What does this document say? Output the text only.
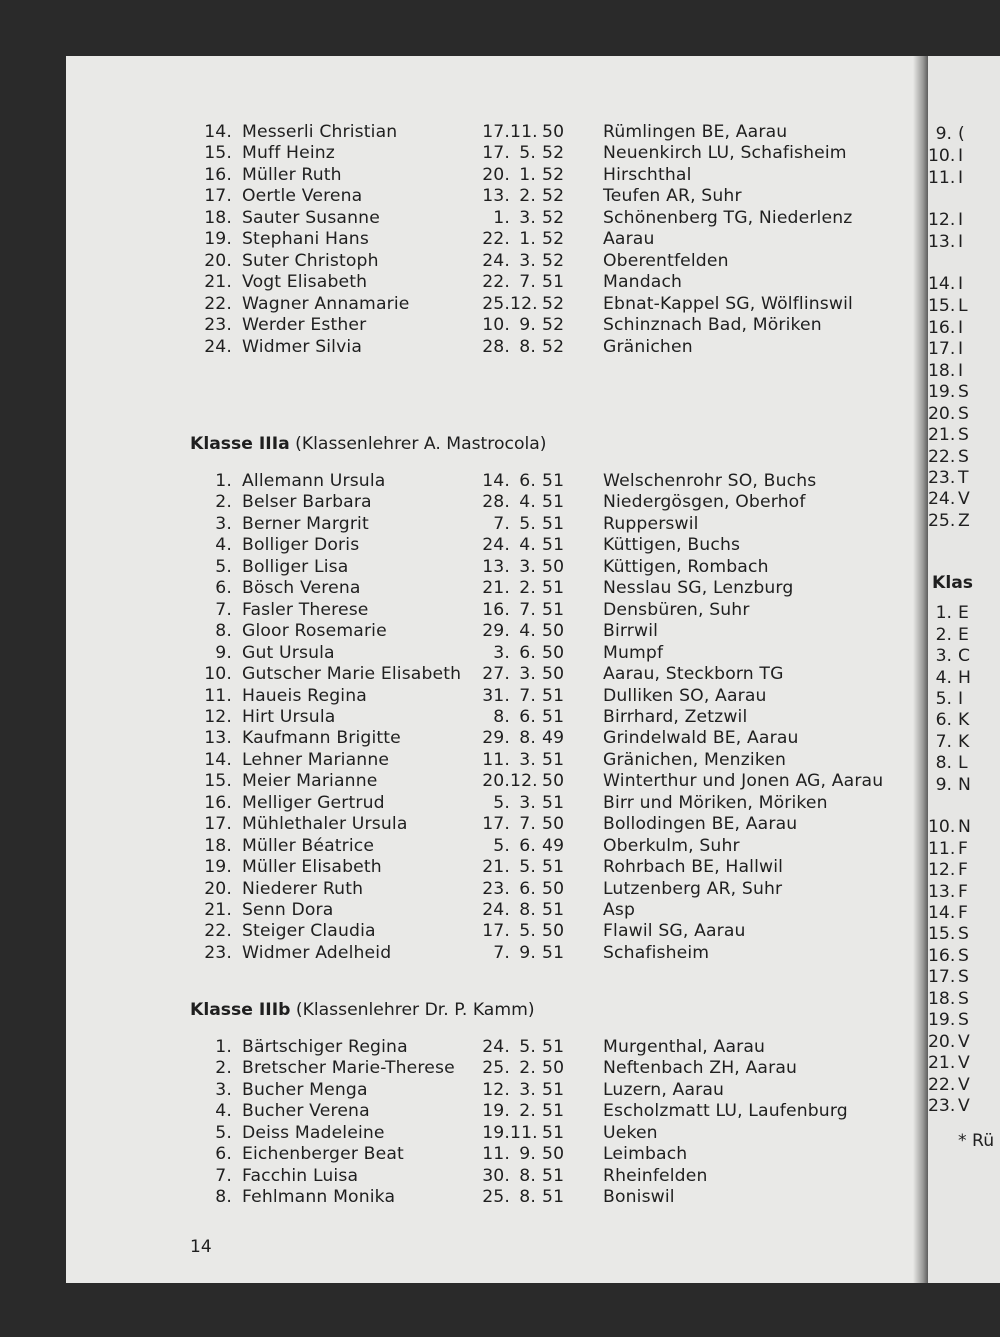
14. Messerli Christian	17. 11. 50	Rümlingen BE, Aarau
15. Muff Heinz	17. 5. 52	Neuenkirch LU, Schafisheim
16. Müller Ruth	20. 1. 52	Hirschthal
17. Oertle Verena	13. 2. 52	Teufen AR, Suhr
18. Sauter Susanne	1. 3. 52	Schönenberg TG, Niederlenz
19. Stephani Hans	22. 1. 52	Aarau
20. Suter Christoph	24. 3. 52	Oberentfelden
21. Vogt Elisabeth	22. 7. 51	Mandach
22. Wagner Annamarie	25. 12. 52	Ebnat-Kappel SG, Wölflinswil
23. Werder Esther	10. 9. 52	Schinznach Bad, Möriken
24. Widmer Silvia	28. 8. 52	Gränichen
Klasse IIIa (Klassenlehrer A. Mastrocola)
1. Allemann Ursula	14. 6. 51	Welschenrohr SO, Buchs
2. Belser Barbara	28. 4. 51	Niedergösgen, Oberhof
3. Berner Margrit	7. 5. 51	Rupperswil
4. Bolliger Doris	24. 4. 51	Küttigen, Buchs
5. Bolliger Lisa	13. 3. 50	Küttigen, Rombach
6. Bösch Verena	21. 2. 51	Nesslau SG, Lenzburg
7. Fasler Therese	16. 7. 51	Densbüren, Suhr
8. Gloor Rosemarie	29. 4. 50	Birrwil
9. Gut Ursula	3. 6. 50	Mumpf
10. Gutscher Marie Elisabeth 27. 3. 50	Aarau, Steckborn TG
11. Haueis Regina	31. 7. 51	Dulliken SO, Aarau
12. Hirt Ursula	8. 6. 51	Birrhard, Zetzwil
13. Kaufmann Brigitte	29. 8. 49	Grindelwald BE, Aarau
14. Lehner Marianne	11. 3. 51	Gränichen, Menziken
15. Meier Marianne	20. 12. 50	Winterthur und Jonen AG, Aarau
16. Melliger Gertrud	5. 3. 51	Birr und Möriken, Möriken
17. Mühlethaler Ursula	17. 7. 50	Bollodingen BE, Aarau
18. Müller Béatrice	5. 6. 49	Oberkulm, Suhr
19. Müller Elisabeth	21. 5. 51	Rohrbach BE, Hallwil
20. Niederer Ruth	23. 6. 50	Lutzenberg AR, Suhr
21. Senn Dora	24. 8. 51	Asp
22. Steiger Claudia	17. 5. 50	Flawil SG, Aarau
23. Widmer Adelheid	7. 9. 51	Schafisheim
Klasse IIIb (Klassenlehrer Dr. P. Kamm)
1. Bärtschiger Regina	24. 5. 51	Murgenthal, Aarau
2. Bretscher Marie-Therese 25. 2. 50	Neftenbach ZH, Aarau
3. Bucher Menga	12. 3. 51	Luzern, Aarau
4. Bucher Verena	19. 2. 51	Escholzmatt LU, Laufenburg
5. Deiss Madeleine	19. 11. 51	Ueken
6. Eichenberger Beat	11. 9. 50	Leimbach
7. Facchin Luisa	30. 8. 51	Rheinfelden
8. Fehlmann Monika	25. 8. 51	Boniswil
14
9. (
10. I
11. I
12. I
13. I
14. I
15. L
16. I
17. I
18. I
19. S
20. S
21. S
22. S
23. T
24. V
25. Z
1. E
2. E
3. C
4. H
5. I
6. K
7. K
8. L
9. N
10. N
11. F
12. F
13. F
14. F
15. S
16. S
17. S
18. S
19. S
20. V
21. V
22. V
23. V
Klas
* Rü
